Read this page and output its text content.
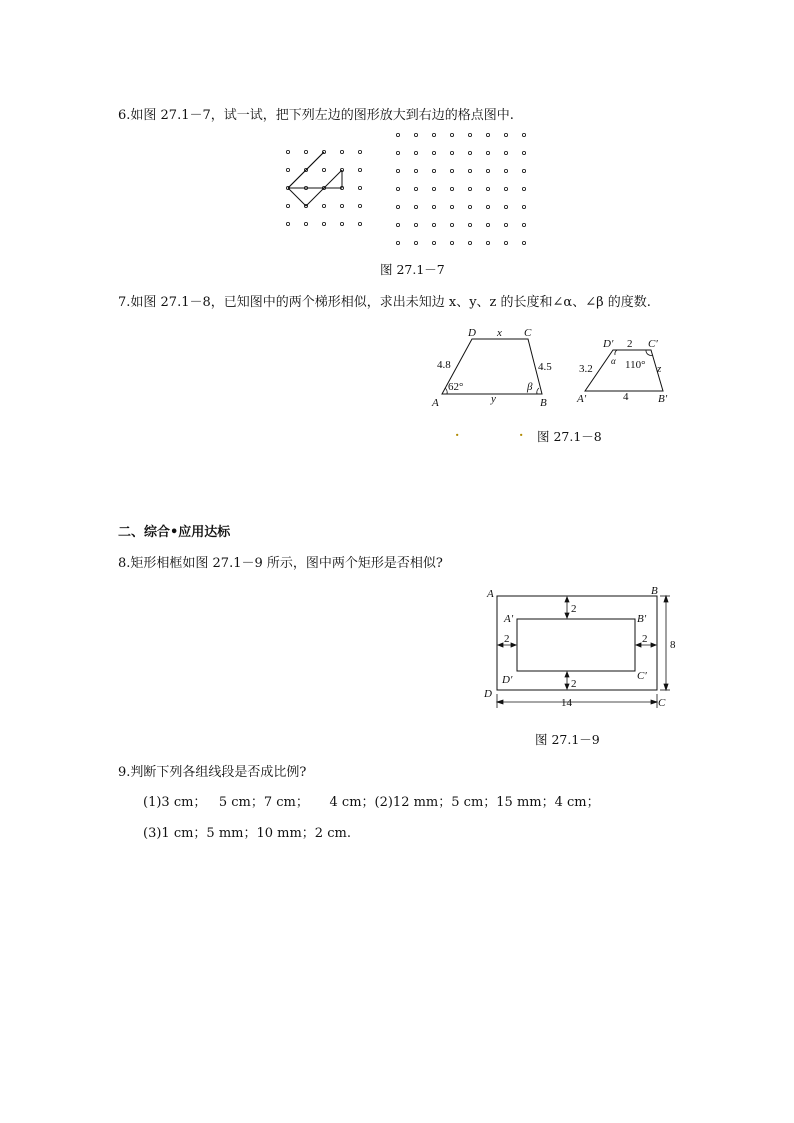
6.如图 27.1－7，试一试，把下列左边的图形放大到右边的格点图中.
图 27.1－7
7.如图 27.1－8，已知图中的两个梯形相似，求出未知边 x、y、z 的长度和∠α、∠β 的度数.
D	C
A	B
x
y
4.8	4.5
62°	β
D′	C′
A′	B′
2
3.2
4
z
α 110°
.	. 图 27.1－8
二、综合•应用达标
8.矩形相框如图 27.1－9 所示，图中两个矩形是否相似?
A	B
C
D
A′	B′
C′
D′
2
2
2	2 8
14
图 27.1－9
9.判断下列各组线段是否成比例?
(1)3 cm；   5 cm；7 cm；     4 cm；(2)12 mm；5 cm；15 mm；4 cm；
(3)1 cm；5 mm；10 mm；2 cm.
